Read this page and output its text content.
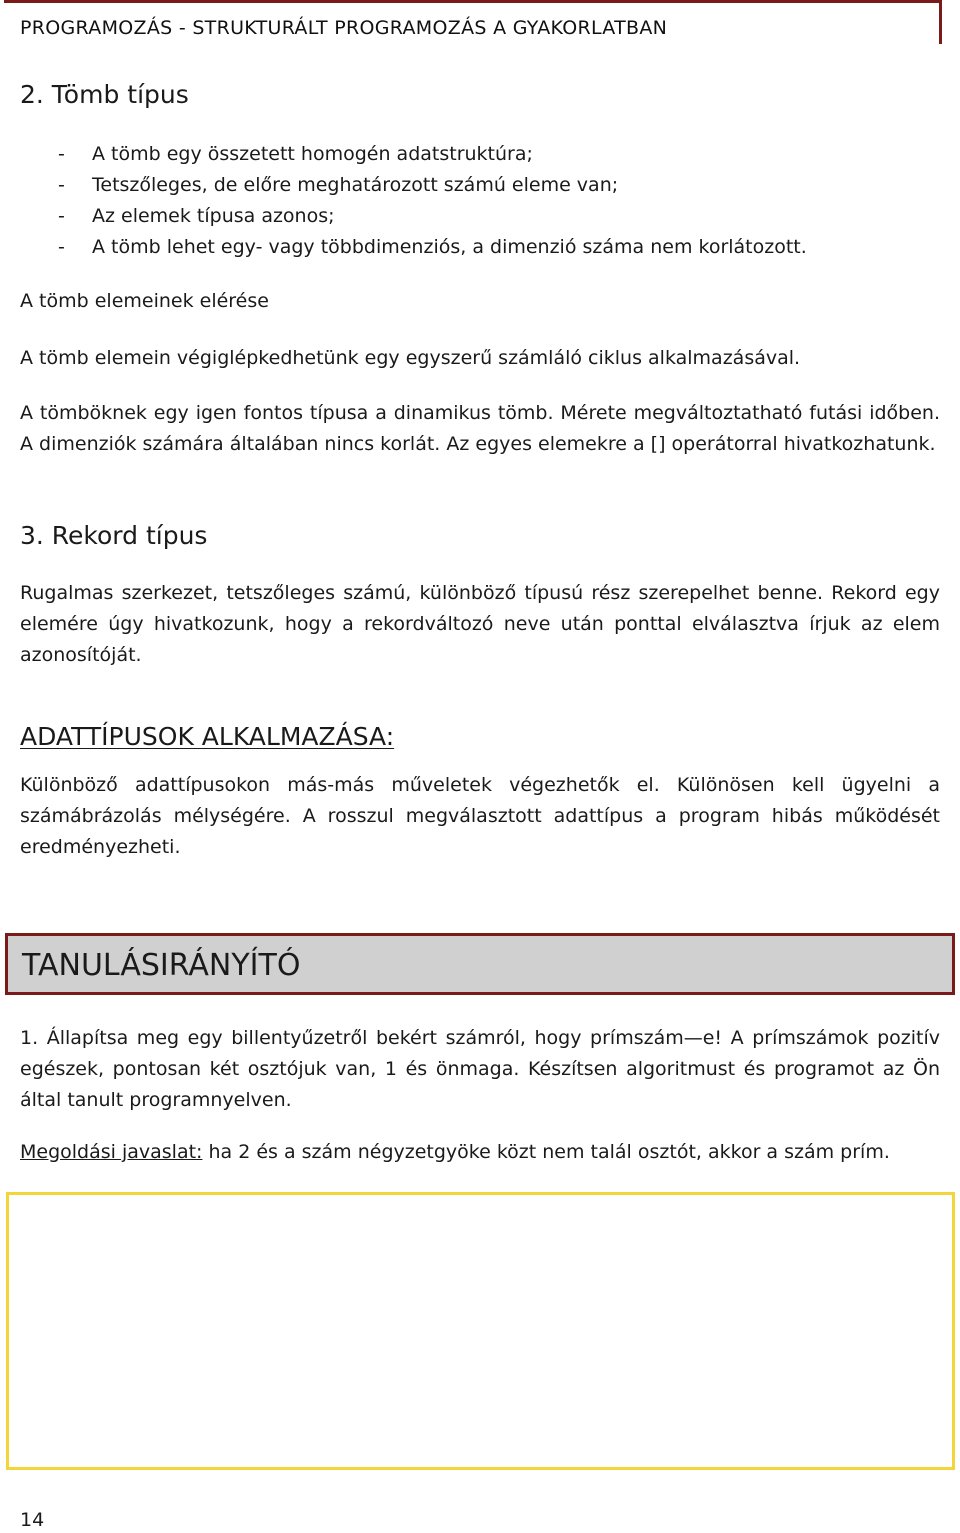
PROGRAMOZÁS - STRUKTURÁLT PROGRAMOZÁS A GYAKORLATBAN
2. Tömb típus
-	A tömb egy összetett homogén adatstruktúra;
-	Tetszőleges, de előre meghatározott számú eleme van;
-	Az elemek típusa azonos;
-	A tömb lehet egy- vagy többdimenziós, a dimenzió száma nem korlátozott.
A tömb elemeinek elérése

A tömb elemein végiglépkedhetünk egy egyszerű számláló ciklus alkalmazásával.

A tömböknek egy igen fontos típusa a dinamikus tömb. Mérete megváltoztatható futási időben. A dimenziók számára általában nincs korlát. Az egyes elemekre a [] operátorral hivatkozhatunk.

3. Rekord típus

Rugalmas szerkezet, tetszőleges számú, különböző típusú rész szerepelhet benne. Rekord egy elemére úgy hivatkozunk, hogy a rekordváltozó neve után ponttal elválasztva írjuk az elem azonosítóját.

ADATTÍPUSOK ALKALMAZÁSA:

Különböző adattípusokon más-más műveletek végezhetők el. Különösen kell ügyelni a számábrázolás mélységére. A rosszul megválasztott adattípus a program hibás működését eredményezheti.

TANULÁSIRÁNYÍTÓ

1. Állapítsa meg egy billentyűzetről bekért számról, hogy prímszám—e! A prímszámok pozitív egészek, pontosan két osztójuk van, 1 és önmaga. Készítsen algoritmust és programot az Ön által tanult programnyelven.

Megoldási javaslat: ha 2 és a szám négyzetgyöke közt nem talál osztót, akkor a szám prím.
14
